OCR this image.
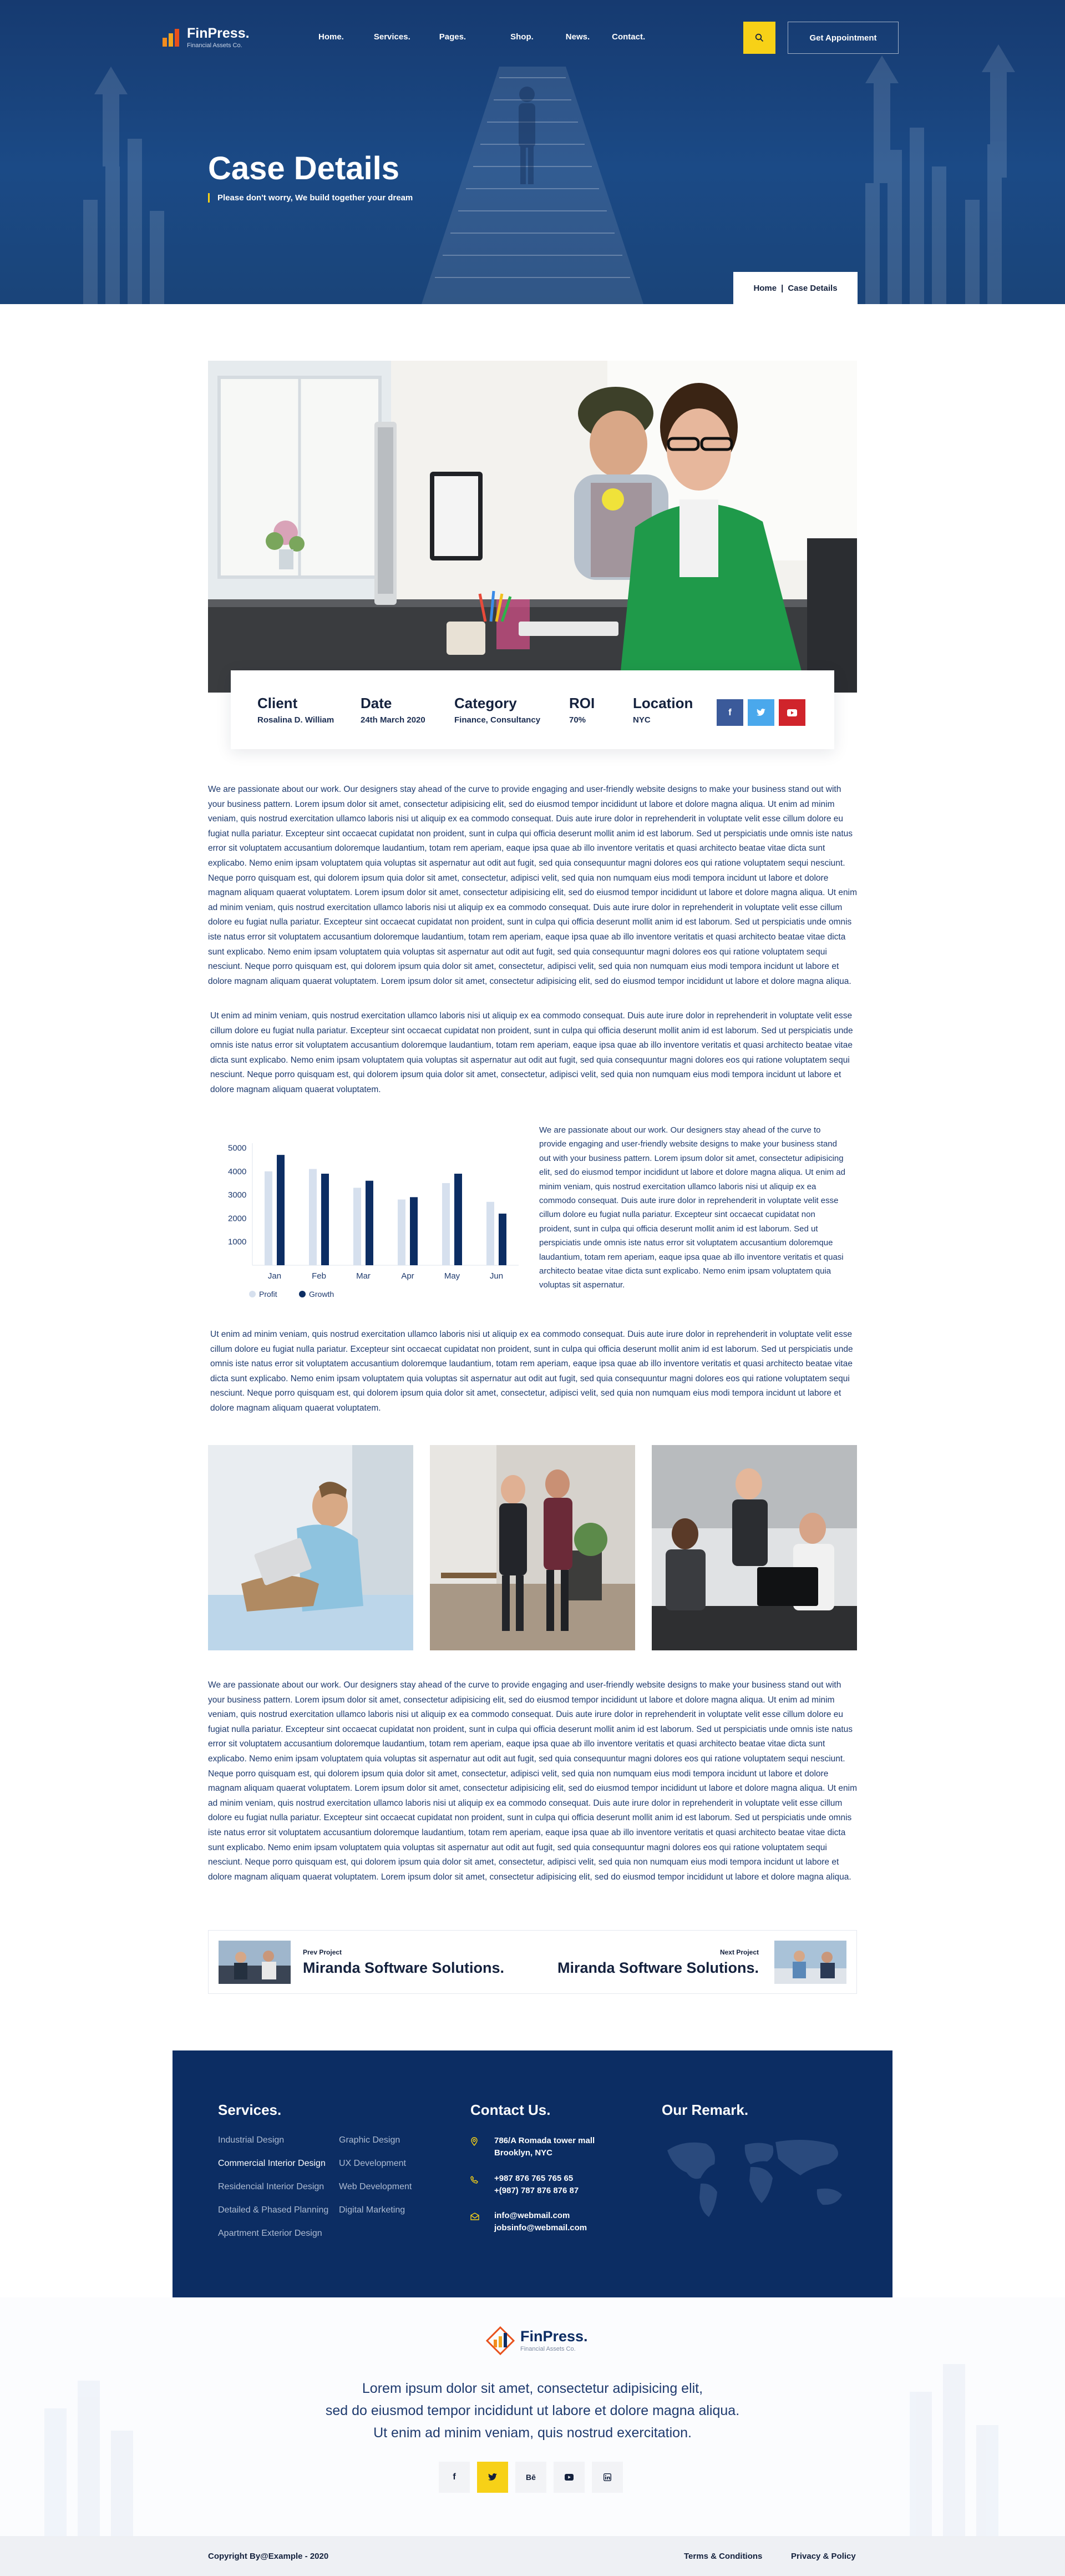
FinPress.
Financial Assets Co.
Home.	Services.	Pages.	Shop.	News.	Contact.	Get Appointment
Case Details
Please don't worry, We build together your dream
Home | Case Details
Client
Rosalina D. William
Date
24th March 2020
Category
Finance, Consultancy
ROI
70%
Location
NYC
f

We are passionate about our work. Our designers stay ahead of the curve to provide engaging and user-friendly website designs to make your business stand out with your business pattern. Lorem ipsum dolor sit amet, consectetur adipisicing elit, sed do eiusmod tempor incididunt ut labore et dolore magna aliqua. Ut enim ad minim veniam, quis nostrud exercitation ullamco laboris nisi ut aliquip ex ea commodo consequat. Duis aute irure dolor in reprehenderit in voluptate velit esse cillum dolore eu fugiat nulla pariatur. Excepteur sint occaecat cupidatat non proident, sunt in culpa qui officia deserunt mollit anim id est laborum. Sed ut perspiciatis unde omnis iste natus error sit voluptatem accusantium doloremque laudantium, totam rem aperiam, eaque ipsa quae ab illo inventore veritatis et quasi architecto beatae vitae dicta sunt explicabo. Nemo enim ipsam voluptatem quia voluptas sit aspernatur aut odit aut fugit, sed quia consequuntur magni dolores eos qui ratione voluptatem sequi nesciunt. Neque porro quisquam est, qui dolorem ipsum quia dolor sit amet, consectetur, adipisci velit, sed quia non numquam eius modi tempora incidunt ut labore et dolore magnam aliquam quaerat voluptatem. Lorem ipsum dolor sit amet, consectetur adipisicing elit, sed do eiusmod tempor incididunt ut labore et dolore magna aliqua. Ut enim ad minim veniam, quis nostrud exercitation ullamco laboris nisi ut aliquip ex ea commodo consequat. Duis aute irure dolor in reprehenderit in voluptate velit esse cillum dolore eu fugiat nulla pariatur. Excepteur sint occaecat cupidatat non proident, sunt in culpa qui officia deserunt mollit anim id est laborum. Sed ut perspiciatis unde omnis iste natus error sit voluptatem accusantium doloremque laudantium, totam rem aperiam, eaque ipsa quae ab illo inventore veritatis et quasi architecto beatae vitae dicta sunt explicabo. Nemo enim ipsam voluptatem quia voluptas sit aspernatur aut odit aut fugit, sed quia consequuntur magni dolores eos qui ratione voluptatem sequi nesciunt. Neque porro quisquam est, qui dolorem ipsum quia dolor sit amet, consectetur, adipisci velit, sed quia non numquam eius modi tempora incidunt ut labore et dolore magnam aliquam quaerat voluptatem. Lorem ipsum dolor sit amet, consectetur adipisicing elit, sed do eiusmod tempor incididunt ut labore et dolore magna aliqua.

Ut enim ad minim veniam, quis nostrud exercitation ullamco laboris nisi ut aliquip ex ea commodo consequat. Duis aute irure dolor in reprehenderit in voluptate velit esse cillum dolore eu fugiat nulla pariatur. Excepteur sint occaecat cupidatat non proident, sunt in culpa qui officia deserunt mollit anim id est laborum. Sed ut perspiciatis unde omnis iste natus error sit voluptatem accusantium doloremque laudantium, totam rem aperiam, eaque ipsa quae ab illo inventore veritatis et quasi architecto beatae vitae dicta sunt explicabo. Nemo enim ipsam voluptatem quia voluptas sit aspernatur aut odit aut fugit, sed quia consequuntur magni dolores eos qui ratione voluptatem sequi nesciunt. Neque porro quisquam est, qui dolorem ipsum quia dolor sit amet, consectetur, adipisci velit, sed quia non numquam eius modi tempora incidunt ut labore et dolore magnam aliquam quaerat voluptatem.

1000
2000
3000
4000
5000
Jan	Feb	Mar	Apr	May	Jun
Profit	Growth

We are passionate about our work. Our designers stay ahead of the curve to provide engaging and user-friendly website designs to make your business stand out with your business pattern. Lorem ipsum dolor sit amet, consectetur adipisicing elit, sed do eiusmod tempor incididunt ut labore et dolore magna aliqua. Ut enim ad minim veniam, quis nostrud exercitation ullamco laboris nisi ut aliquip ex ea commodo consequat. Duis aute irure dolor in reprehenderit in voluptate velit esse cillum dolore eu fugiat nulla pariatur. Excepteur sint occaecat cupidatat non proident, sunt in culpa qui officia deserunt mollit anim id est laborum. Sed ut perspiciatis unde omnis iste natus error sit voluptatem accusantium doloremque laudantium, totam rem aperiam, eaque ipsa quae ab illo inventore veritatis et quasi architecto beatae vitae dicta sunt explicabo. Nemo enim ipsam voluptatem quia voluptas sit aspernatur.

Ut enim ad minim veniam, quis nostrud exercitation ullamco laboris nisi ut aliquip ex ea commodo consequat. Duis aute irure dolor in reprehenderit in voluptate velit esse cillum dolore eu fugiat nulla pariatur. Excepteur sint occaecat cupidatat non proident, sunt in culpa qui officia deserunt mollit anim id est laborum. Sed ut perspiciatis unde omnis iste natus error sit voluptatem accusantium doloremque laudantium, totam rem aperiam, eaque ipsa quae ab illo inventore veritatis et quasi architecto beatae vitae dicta sunt explicabo. Nemo enim ipsam voluptatem quia voluptas sit aspernatur aut odit aut fugit, sed quia consequuntur magni dolores eos qui ratione voluptatem sequi nesciunt. Neque porro quisquam est, qui dolorem ipsum quia dolor sit amet, consectetur, adipisci velit, sed quia non numquam eius modi tempora incidunt ut labore et dolore magnam aliquam quaerat voluptatem.

We are passionate about our work. Our designers stay ahead of the curve to provide engaging and user-friendly website designs to make your business stand out with your business pattern. Lorem ipsum dolor sit amet, consectetur adipisicing elit, sed do eiusmod tempor incididunt ut labore et dolore magna aliqua. Ut enim ad minim veniam, quis nostrud exercitation ullamco laboris nisi ut aliquip ex ea commodo consequat. Duis aute irure dolor in reprehenderit in voluptate velit esse cillum dolore eu fugiat nulla pariatur. Excepteur sint occaecat cupidatat non proident, sunt in culpa qui officia deserunt mollit anim id est laborum. Sed ut perspiciatis unde omnis iste natus error sit voluptatem accusantium doloremque laudantium, totam rem aperiam, eaque ipsa quae ab illo inventore veritatis et quasi architecto beatae vitae dicta sunt explicabo. Nemo enim ipsam voluptatem quia voluptas sit aspernatur aut odit aut fugit, sed quia consequuntur magni dolores eos qui ratione voluptatem sequi nesciunt. Neque porro quisquam est, qui dolorem ipsum quia dolor sit amet, consectetur, adipisci velit, sed quia non numquam eius modi tempora incidunt ut labore et dolore magnam aliquam quaerat voluptatem. Lorem ipsum dolor sit amet, consectetur adipisicing elit, sed do eiusmod tempor incididunt ut labore et dolore magna aliqua. Ut enim ad minim veniam, quis nostrud exercitation ullamco laboris nisi ut aliquip ex ea commodo consequat. Duis aute irure dolor in reprehenderit in voluptate velit esse cillum dolore eu fugiat nulla pariatur. Excepteur sint occaecat cupidatat non proident, sunt in culpa qui officia deserunt mollit anim id est laborum. Sed ut perspiciatis unde omnis iste natus error sit voluptatem accusantium doloremque laudantium, totam rem aperiam, eaque ipsa quae ab illo inventore veritatis et quasi architecto beatae vitae dicta sunt explicabo. Nemo enim ipsam voluptatem quia voluptas sit aspernatur aut odit aut fugit, sed quia consequuntur magni dolores eos qui ratione voluptatem sequi nesciunt. Neque porro quisquam est, qui dolorem ipsum quia dolor sit amet, consectetur, adipisci velit, sed quia non numquam eius modi tempora incidunt ut labore et dolore magnam aliquam quaerat voluptatem. Lorem ipsum dolor sit amet, consectetur adipisicing elit, sed do eiusmod tempor incididunt ut labore et dolore magna aliqua.

Prev Project
Miranda Software Solutions.
Next Project
Miranda Software Solutions.
Services.
Industrial Design
Commercial Interior Design
Residencial Interior Design
Detailed & Phased Planning
Apartment Exterior Design
Graphic Design
UX Development
Web Development
Digital Marketing
Contact Us.
786/A Romada tower mall
Brooklyn, NYC
+987 876 765 765 65
+(987) 787 876 876 87
info@webmail.com
jobsinfo@webmail.com
Our Remark.
FinPress.
Financial Assets Co.
Lorem ipsum dolor sit amet, consectetur adipisicing elit,
sed do eiusmod tempor incididunt ut labore et dolore magna aliqua.
Ut enim ad minim veniam, quis nostrud exercitation.
f	Bē
Copyright By@Example - 2020	Terms & Conditions	Privacy & Policy
